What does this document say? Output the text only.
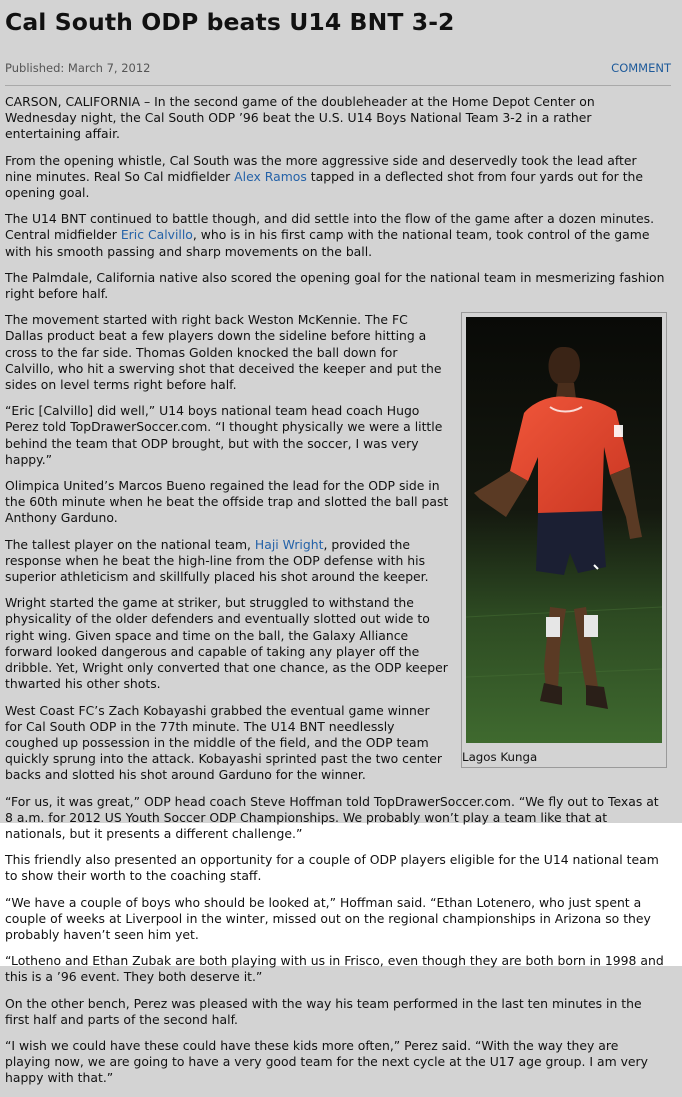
Cal South ODP beats U14 BNT 3-2
Published: March 7, 2012	COMMENT

CARSON, CALIFORNIA – In the second game of the doubleheader at the Home Depot Center on Wednesday night, the Cal South ODP ’96 beat the U.S. U14 Boys National Team 3-2 in a rather entertaining affair.

From the opening whistle, Cal South was the more aggressive side and deservedly took the lead after nine minutes. Real So Cal midfielder Alex Ramos tapped in a deflected shot from four yards out for the opening goal.

The U14 BNT continued to battle though, and did settle into the flow of the game after a dozen minutes. Central midfielder Eric Calvillo, who is in his first camp with the national team, took control of the game with his smooth passing and sharp movements on the ball.

The Palmdale, California native also scored the opening goal for the national team in mesmerizing fashion right before half.

Lagos Kunga

The movement started with right back Weston McKennie. The FC Dallas product beat a few players down the sideline before hitting a cross to the far side. Thomas Golden knocked the ball down for Calvillo, who hit a swerving shot that deceived the keeper and put the sides on level terms right before half.

“Eric [Calvillo] did well,” U14 boys national team head coach Hugo Perez told TopDrawerSoccer.com. “I thought physically we were a little behind the team that ODP brought, but with the soccer, I was very happy.”

Olimpica United’s Marcos Bueno regained the lead for the ODP side in the 60th minute when he beat the offside trap and slotted the ball past Anthony Garduno.

The tallest player on the national team, Haji Wright, provided the response when he beat the high-line from the ODP defense with his superior athleticism and skillfully placed his shot around the keeper.

Wright started the game at striker, but struggled to withstand the physicality of the older defenders and eventually slotted out wide to right wing. Given space and time on the ball, the Galaxy Alliance forward looked dangerous and capable of taking any player off the dribble. Yet, Wright only converted that one chance, as the ODP keeper thwarted his other shots.

West Coast FC’s Zach Kobayashi grabbed the eventual game winner for Cal South ODP in the 77th minute. The U14 BNT needlessly coughed up possession in the middle of the field, and the ODP team quickly sprung into the attack. Kobayashi sprinted past the two center backs and slotted his shot around Garduno for the winner.

“For us, it was great,” ODP head coach Steve Hoffman told TopDrawerSoccer.com. “We fly out to Texas at 8 a.m. for 2012 US Youth Soccer ODP Championships. We probably won’t play a team like that at nationals, but it presents a different challenge.”

This friendly also presented an opportunity for a couple of ODP players eligible for the U14 national team to show their worth to the coaching staff.

“We have a couple of boys who should be looked at,” Hoffman said. “Ethan Lotenero, who just spent a couple of weeks at Liverpool in the winter, missed out on the regional championships in Arizona so they probably haven’t seen him yet.

“Lotheno and Ethan Zubak are both playing with us in Frisco, even though they are both born in 1998 and this is a ’96 event. They both deserve it.”

On the other bench, Perez was pleased with the way his team performed in the last ten minutes in the first half and parts of the second half.

“I wish we could have these could have these kids more often,” Perez said. “With the way they are playing now, we are going to have a very good team for the next cycle at the U17 age group. I am very happy with that.”
